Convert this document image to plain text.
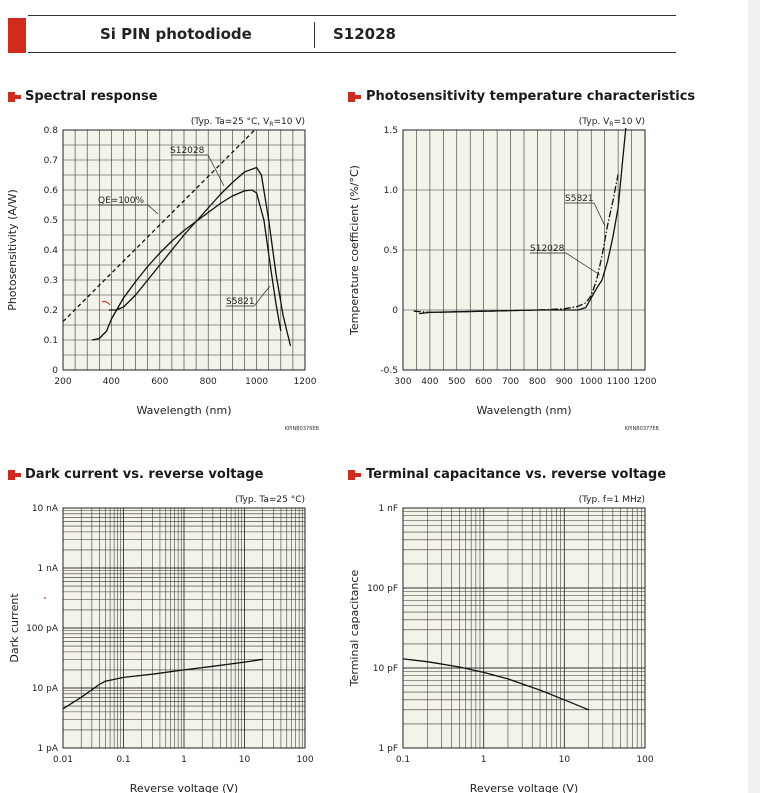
Si PIN photodiode	S12028
Spectral response	Photosensitivity temperature characteristics
Dark current vs. reverse voltage	Terminal capacitance vs. reverse voltage
200	400	600	800	1000	1200
0
0.1
0.2
0.3
0.4
0.5
0.6
0.7
0.8
Wavelength (nm)
Photosensitivity (A/W)
(Typ. Ta=25 °C, $V_R=10$ V)
S12028
QE=100%
S5821
KPINB0376EB
300 400 500 600 700 800 900 1000 1100 1200
-0.5
0
0.5
1.0
1.5
Wavelength (nm)
Temperature coefficient (%/°C)
(Typ. $V_R=10$ V)
S5821
S12028
KPINB0377EB
0.01	0.1	1	10	100
1 pA
10 pA
100 pA
1 nA
10 nA
Reverse voltage (V)
Dark current
(Typ. Ta=25 °C)
0.1	1	10	100
1 pF
10 pF
100 pF
1 nF
Reverse voltage (V)
Terminal capacitance
(Typ. f=1 MHz)
